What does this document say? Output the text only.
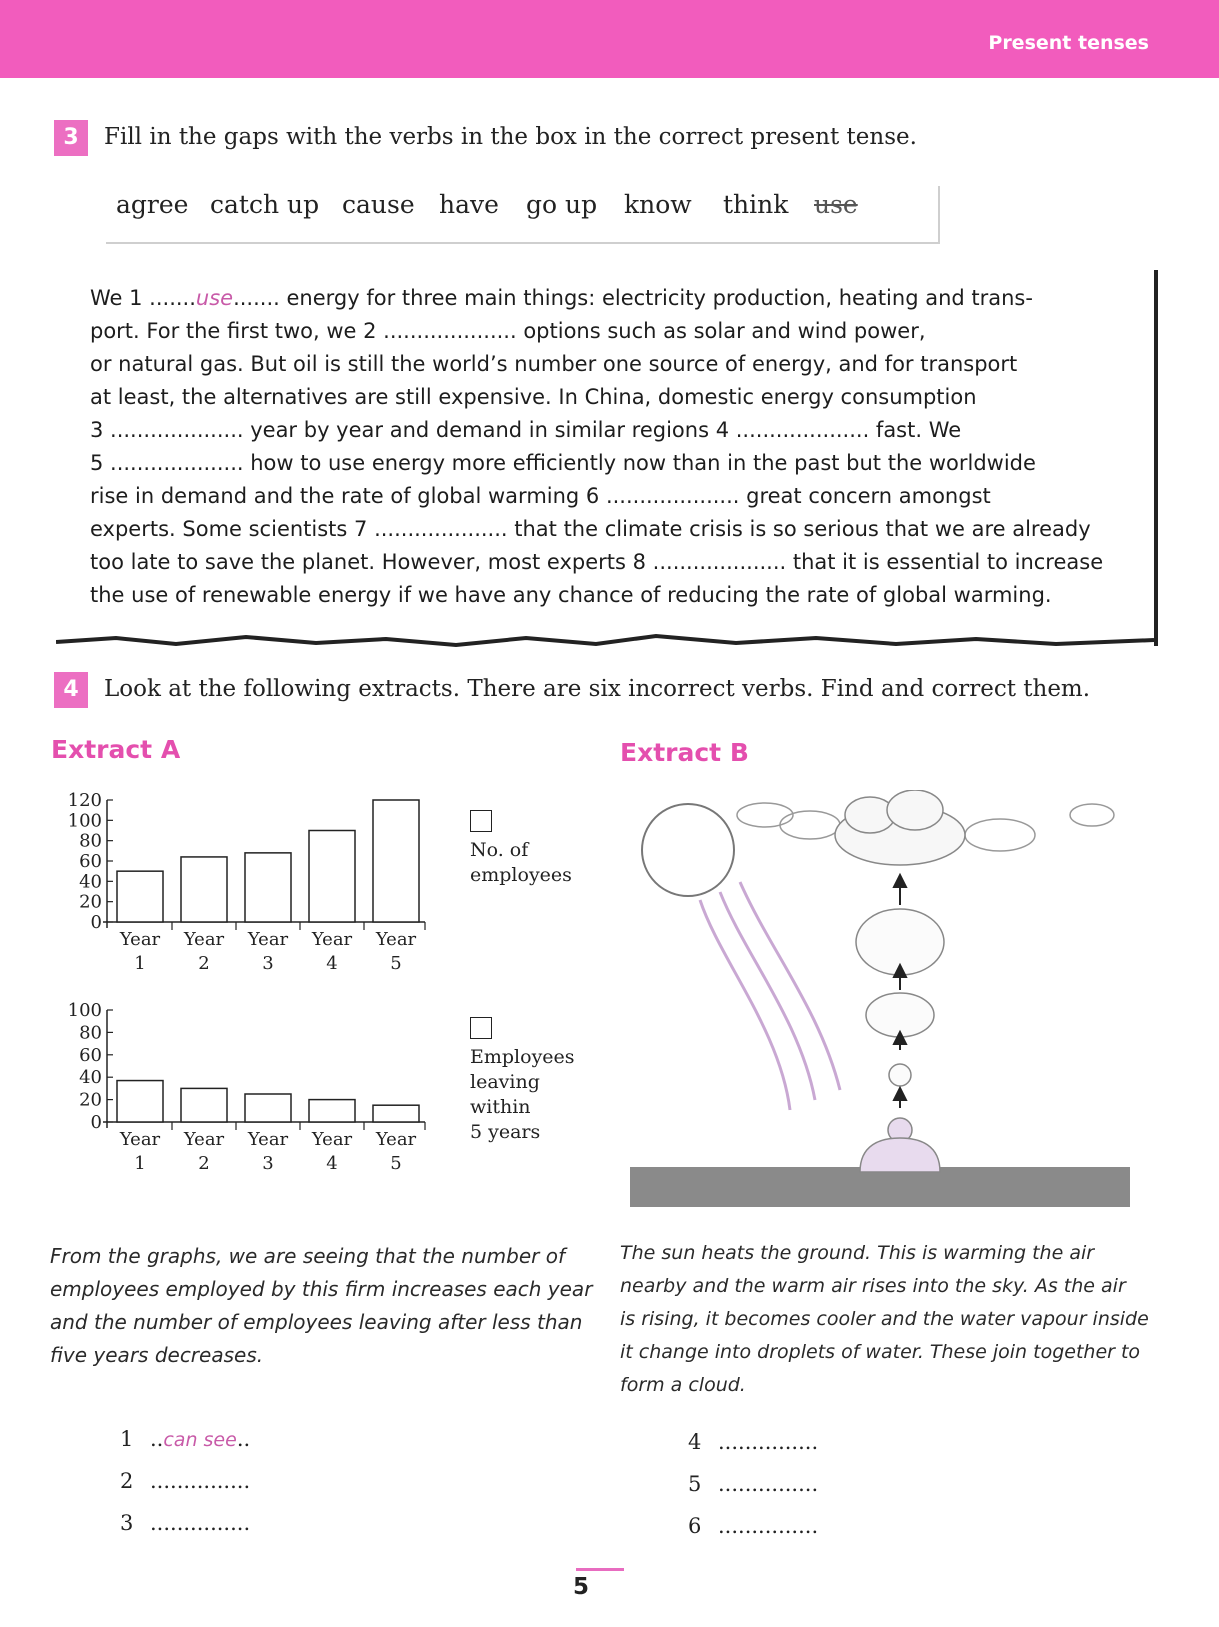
Present tenses
3	Fill in the gaps with the verbs in the box in the correct present tense.
agree catch up cause have go up know think use
We 1 .......use....... energy for three main things: electricity production, heating and trans-
port. For the first two, we 2 .................... options such as solar and wind power,
or natural gas. But oil is still the world’s number one source of energy, and for transport
at least, the alternatives are still expensive. In China, domestic energy consumption
3 .................... year by year and demand in similar regions 4 .................... fast. We
5 .................... how to use energy more efficiently now than in the past but the worldwide
rise in demand and the rate of global warming 6 .................... great concern amongst
experts. Some scientists 7 .................... that the climate crisis is so serious that we are already
too late to save the planet. However, most experts 8 .................... that it is essential to increase
the use of renewable energy if we have any chance of reducing the rate of global warming.
4	Look at the following extracts. There are six incorrect verbs. Find and correct them.
Extract A	Extract B
0
20
40
60
80
100
120
Year
1
Year
2
Year
3
Year
4
Year
5
0
20
40
60
80
100
Year
1
Year
2
Year
3
Year
4
Year
5
No. of
employees
Employees
leaving
within
5 years
From the graphs, we are seeing that the number of
employees employed by this firm increases each year
and the number of employees leaving after less than
five years decreases.
The sun heats the ground. This is warming the air
nearby and the warm air rises into the sky. As the air
is rising, it becomes cooler and the water vapour inside
it change into droplets of water. These join together to
form a cloud.
1 ..can see..
2 ...............
3 ...............
4 ...............
5 ...............
6 ...............
5
